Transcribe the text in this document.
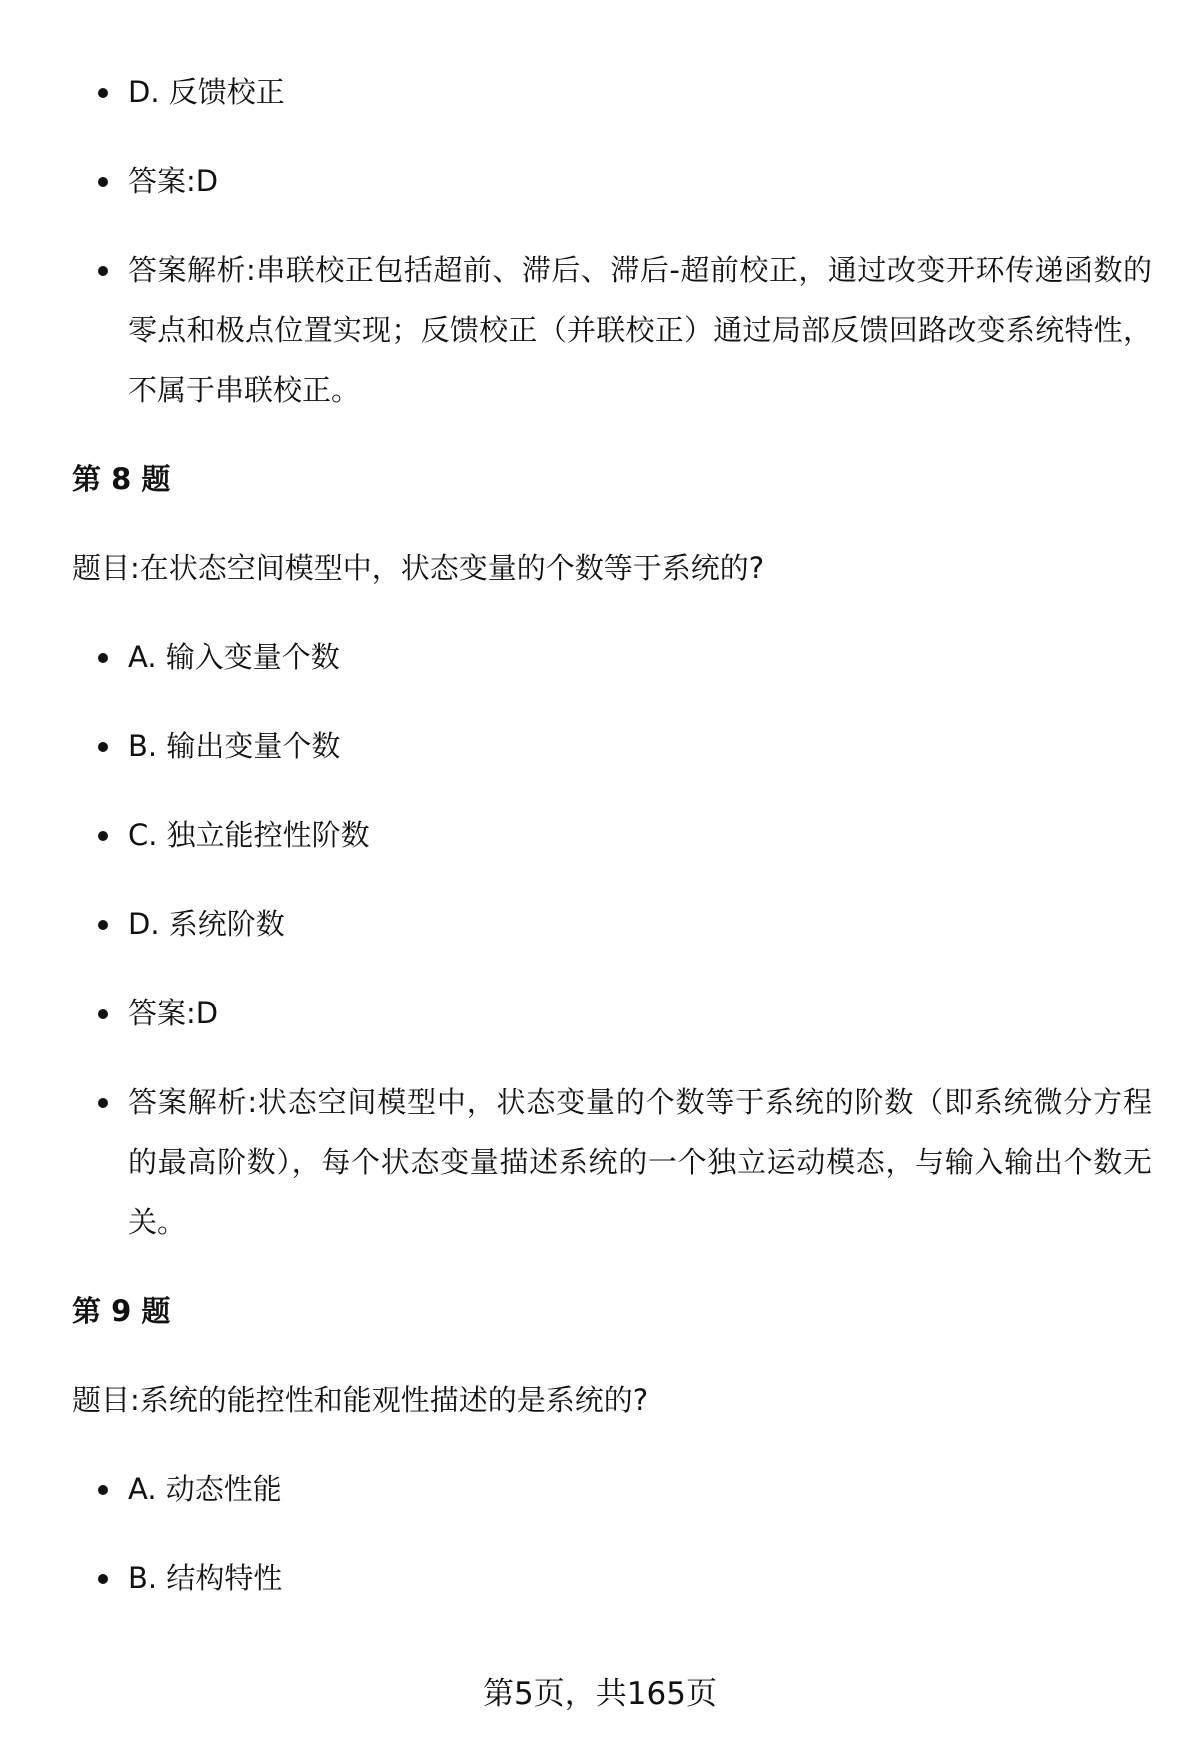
D. 反馈校正
答案:D
答案解析:串联校正包括超前、滞后、滞后-超前校正，通过改变开环传递函数的零点和极点位置实现；反馈校正（并联校正）通过局部反馈回路改变系统特性，不属于串联校正。
第 8 题
题目:在状态空间模型中，状态变量的个数等于系统的?
A. 输入变量个数
B. 输出变量个数
C. 独立能控性阶数
D. 系统阶数
答案:D
答案解析:状态空间模型中，状态变量的个数等于系统的阶数（即系统微分方程的最高阶数），每个状态变量描述系统的一个独立运动模态，与输入输出个数无关。
第 9 题
题目:系统的能控性和能观性描述的是系统的?
A. 动态性能
B. 结构特性
第5页，共165页
